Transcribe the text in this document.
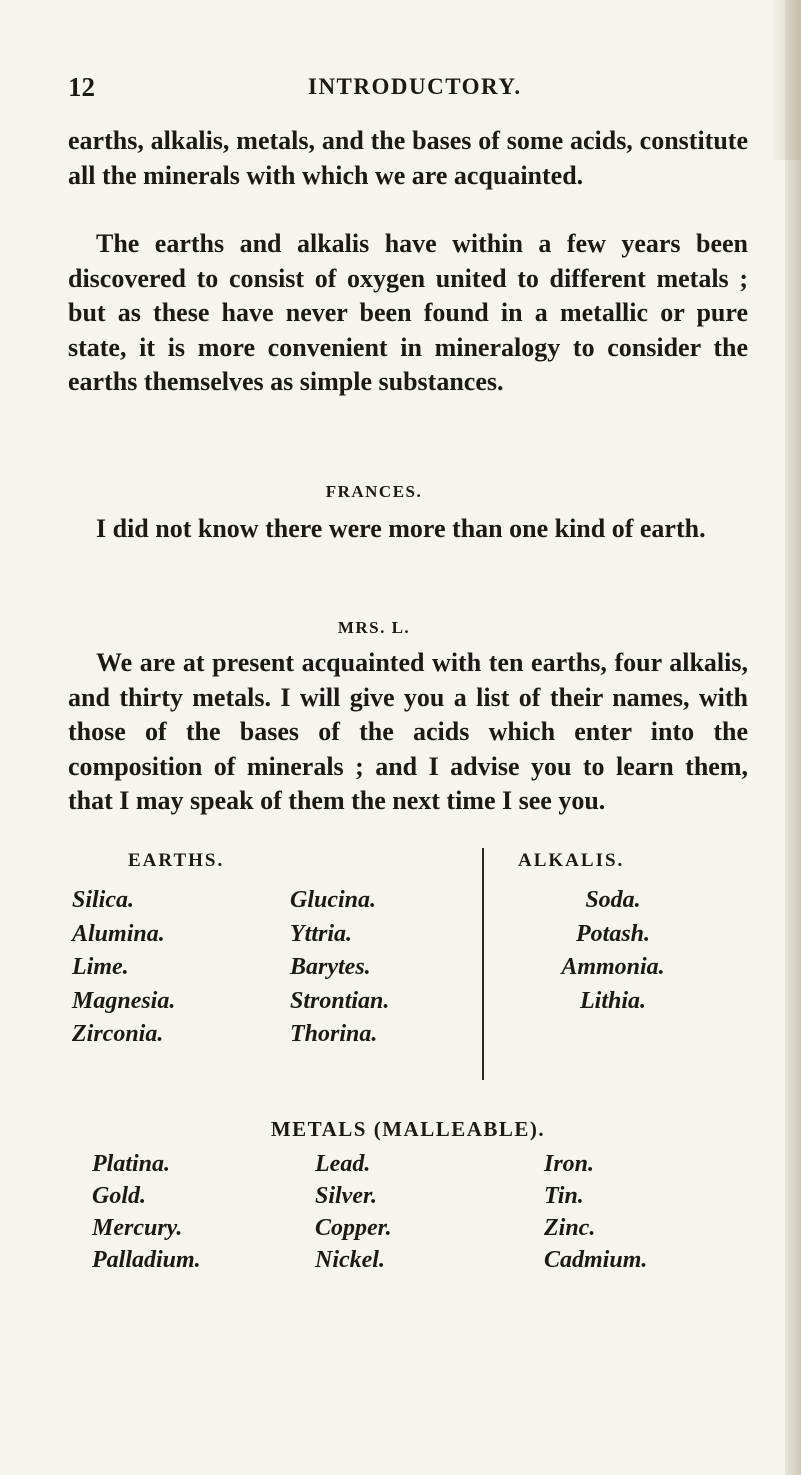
12	INTRODUCTORY.

earths, alkalis, metals, and the bases of some acids, constitute all the minerals with which we are acquainted.

The earths and alkalis have within a few years been discovered to consist of oxygen united to different metals ; but as these have never been found in a metallic or pure state, it is more convenient in mineralogy to consider the earths themselves as simple substances.

FRANCES.

I did not know there were more than one kind of earth.

MRS. L.

We are at present acquainted with ten earths, four alkalis, and thirty metals. I will give you a list of their names, with those of the bases of the acids which enter into the composition of minerals ; and I advise you to learn them, that I may speak of them the next time I see you.

EARTHS.	ALKALIS.
Silica.
Alumina.
Lime.
Magnesia.
Zirconia.
Glucina.
Yttria.
Barytes.
Strontian.
Thorina.
Soda.
Potash.
Ammonia.
Lithia.
METALS (MALLEABLE).
Platina.
Gold.
Mercury.
Palladium.
Lead.
Silver.
Copper.
Nickel.
Iron.
Tin.
Zinc.
Cadmium.
